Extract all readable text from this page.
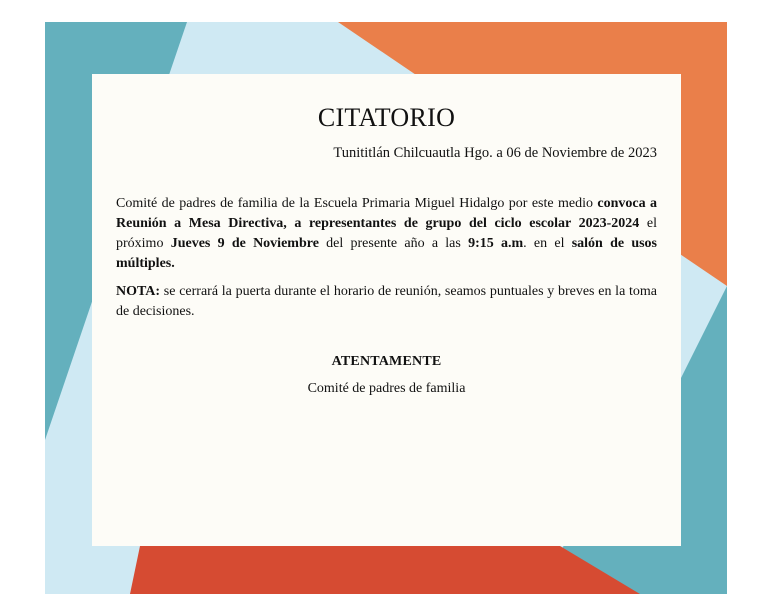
CITATORIO
Tunititlán Chilcuautla Hgo. a 06 de Noviembre de 2023

Comité de padres de familia de la Escuela Primaria Miguel Hidalgo por este medio convoca a Reunión a Mesa Directiva, a representantes de grupo del ciclo escolar 2023-2024 el próximo Jueves 9 de Noviembre del presente año a las 9:15 a.m. en el salón de usos múltiples.

NOTA: se cerrará la puerta durante el horario de reunión, seamos puntuales y breves en la toma de decisiones.

ATENTAMENTE
Comité de padres de familia
